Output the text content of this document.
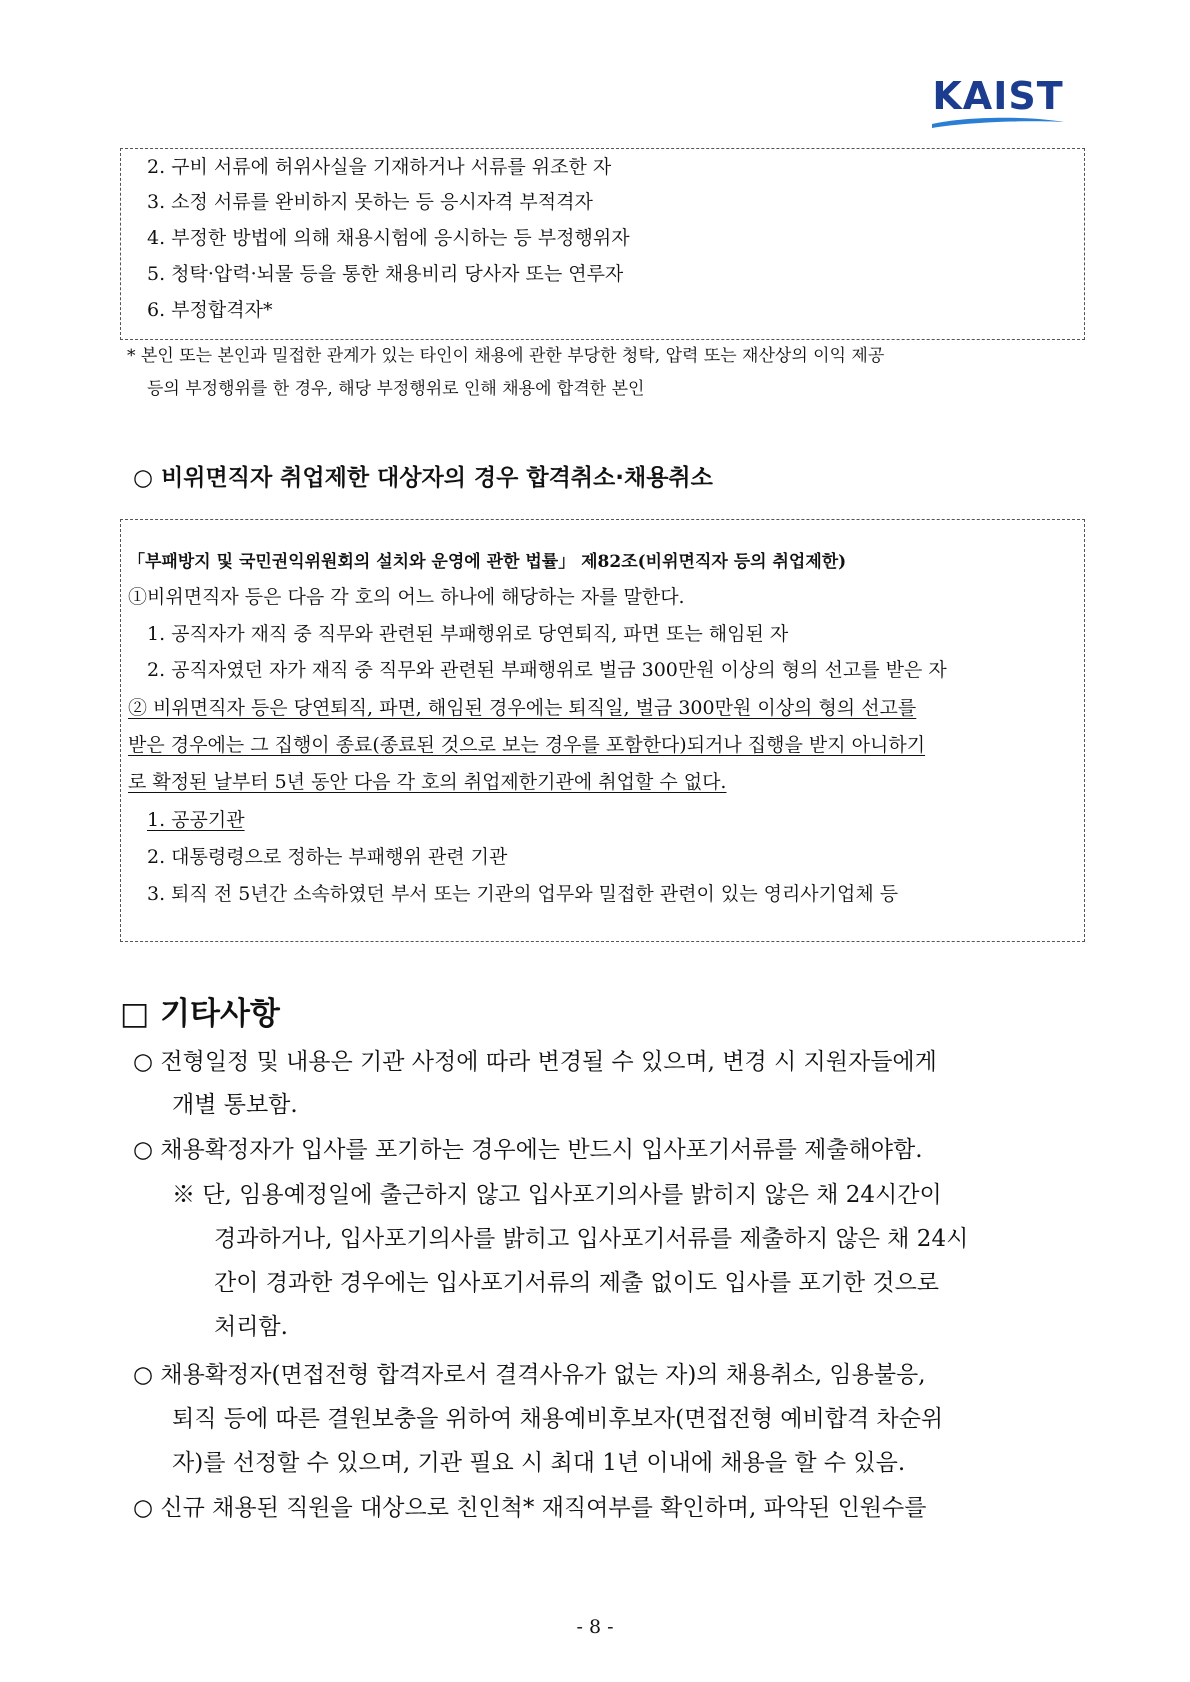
KAIST
2. 구비 서류에 허위사실을 기재하거나 서류를 위조한 자
3. 소정 서류를 완비하지 못하는 등 응시자격 부적격자
4. 부정한 방법에 의해 채용시험에 응시하는 등 부정행위자
5. 청탁·압력·뇌물 등을 통한 채용비리 당사자 또는 연루자
6. 부정합격자*
* 본인 또는 본인과 밀접한 관계가 있는 타인이 채용에 관한 부당한 청탁, 압력 또는 재산상의 이익 제공
등의 부정행위를 한 경우, 해당 부정행위로 인해 채용에 합격한 본인
○ 비위면직자 취업제한 대상자의 경우 합격취소·채용취소
「부패방지 및 국민권익위원회의 설치와 운영에 관한 법률」 제82조(비위면직자 등의 취업제한)
①비위면직자 등은 다음 각 호의 어느 하나에 해당하는 자를 말한다.
1. 공직자가 재직 중 직무와 관련된 부패행위로 당연퇴직, 파면 또는 해임된 자
2. 공직자였던 자가 재직 중 직무와 관련된 부패행위로 벌금 300만원 이상의 형의 선고를 받은 자
② 비위면직자 등은 당연퇴직, 파면, 해임된 경우에는 퇴직일, 벌금 300만원 이상의 형의 선고를
받은 경우에는 그 집행이 종료(종료된 것으로 보는 경우를 포함한다)되거나 집행을 받지 아니하기
로 확정된 날부터 5년 동안 다음 각 호의 취업제한기관에 취업할 수 없다.
1. 공공기관
2. 대통령령으로 정하는 부패행위 관련 기관
3. 퇴직 전 5년간 소속하였던 부서 또는 기관의 업무와 밀접한 관련이 있는 영리사기업체 등
□ 기타사항
○ 전형일정 및 내용은 기관 사정에 따라 변경될 수 있으며, 변경 시 지원자들에게
개별 통보함.
○ 채용확정자가 입사를 포기하는 경우에는 반드시 입사포기서류를 제출해야함.
※ 단, 임용예정일에 출근하지 않고 입사포기의사를 밝히지 않은 채 24시간이
경과하거나, 입사포기의사를 밝히고 입사포기서류를 제출하지 않은 채 24시
간이 경과한 경우에는 입사포기서류의 제출 없이도 입사를 포기한 것으로
처리함.
○ 채용확정자(면접전형 합격자로서 결격사유가 없는 자)의 채용취소, 임용불응,
퇴직 등에 따른 결원보충을 위하여 채용예비후보자(면접전형 예비합격 차순위
자)를 선정할 수 있으며, 기관 필요 시 최대 1년 이내에 채용을 할 수 있음.
○ 신규 채용된 직원을 대상으로 친인척* 재직여부를 확인하며, 파악된 인원수를
- 8 -
